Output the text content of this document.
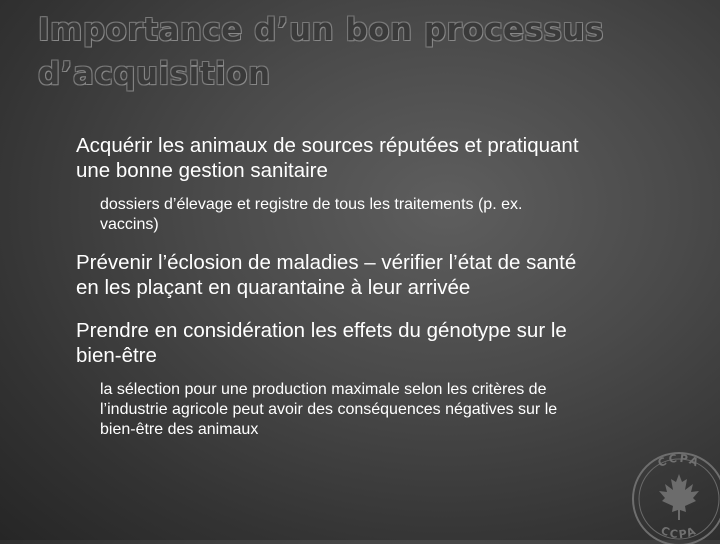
Importance d’un bon processus
d’acquisition
Acquérir les animaux de sources réputées et pratiquant
une bonne gestion sanitaire
dossiers d’élevage et registre de tous les traitements (p. ex.
vaccins)
Prévenir l’éclosion de maladies – vérifier l’état de santé
en les plaçant en quarantaine à leur arrivée
Prendre en considération les effets du génotype sur le
bien-être
la sélection pour une production maximale selon les critères de
l’industrie agricole peut avoir des conséquences négatives sur le
bien-être des animaux
CCPA
CCPA
